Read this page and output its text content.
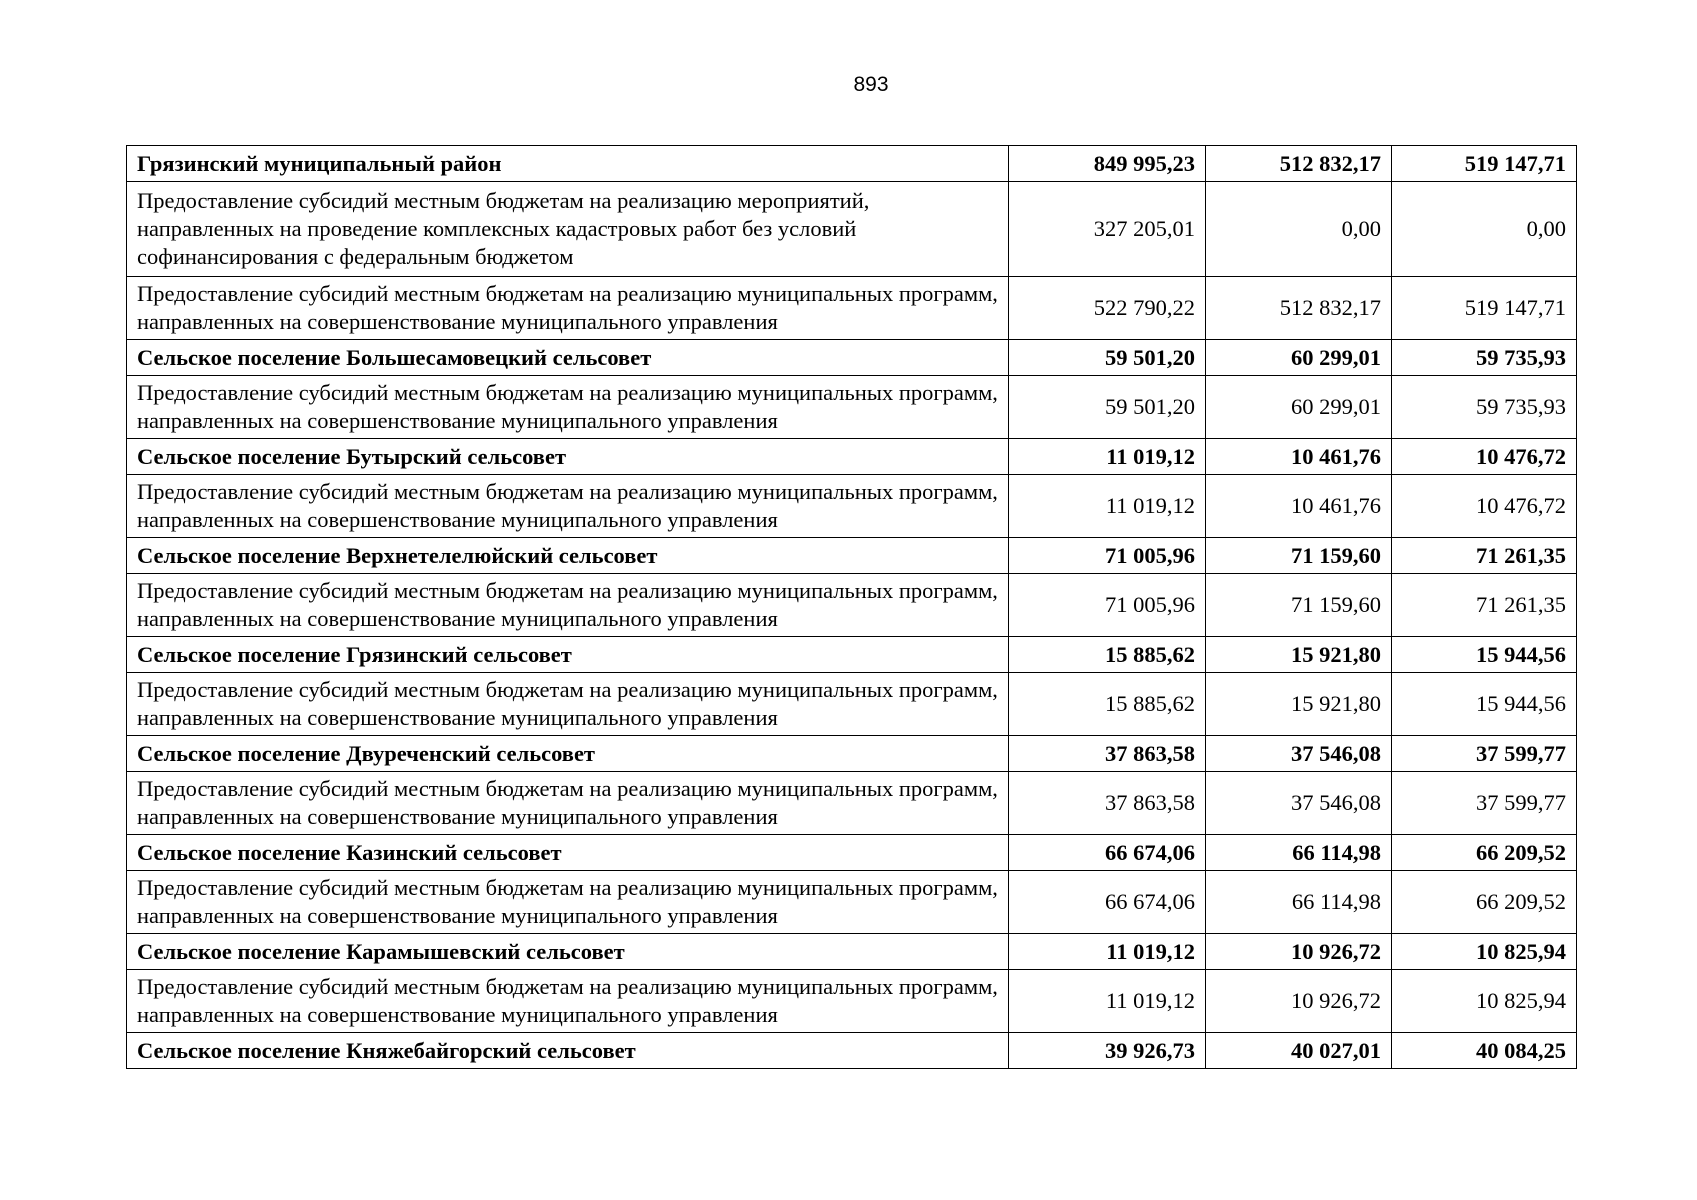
893
Грязинский муниципальный район	849 995,23	512 832,17	519 147,71
Предоставление субсидий местным бюджетам на реализацию мероприятий, направленных на проведение комплексных кадастровых работ без условий софинансирования с федеральным бюджетом	327 205,01	0,00	0,00
Предоставление субсидий местным бюджетам на реализацию муниципальных программ, направленных на совершенствование муниципального управления	522 790,22	512 832,17	519 147,71
Сельское поселение Большесамовецкий сельсовет	59 501,20	60 299,01	59 735,93
Предоставление субсидий местным бюджетам на реализацию муниципальных программ, направленных на совершенствование муниципального управления	59 501,20	60 299,01	59 735,93
Сельское поселение Бутырский сельсовет	11 019,12	10 461,76	10 476,72
Предоставление субсидий местным бюджетам на реализацию муниципальных программ, направленных на совершенствование муниципального управления	11 019,12	10 461,76	10 476,72
Сельское поселение Верхнетелелюйский сельсовет	71 005,96	71 159,60	71 261,35
Предоставление субсидий местным бюджетам на реализацию муниципальных программ, направленных на совершенствование муниципального управления	71 005,96	71 159,60	71 261,35
Сельское поселение Грязинский сельсовет	15 885,62	15 921,80	15 944,56
Предоставление субсидий местным бюджетам на реализацию муниципальных программ, направленных на совершенствование муниципального управления	15 885,62	15 921,80	15 944,56
Сельское поселение Двуреченский сельсовет	37 863,58	37 546,08	37 599,77
Предоставление субсидий местным бюджетам на реализацию муниципальных программ, направленных на совершенствование муниципального управления	37 863,58	37 546,08	37 599,77
Сельское поселение Казинский сельсовет	66 674,06	66 114,98	66 209,52
Предоставление субсидий местным бюджетам на реализацию муниципальных программ, направленных на совершенствование муниципального управления	66 674,06	66 114,98	66 209,52
Сельское поселение Карамышевский сельсовет	11 019,12	10 926,72	10 825,94
Предоставление субсидий местным бюджетам на реализацию муниципальных программ, направленных на совершенствование муниципального управления	11 019,12	10 926,72	10 825,94
Сельское поселение Княжебайгорский сельсовет	39 926,73	40 027,01	40 084,25
